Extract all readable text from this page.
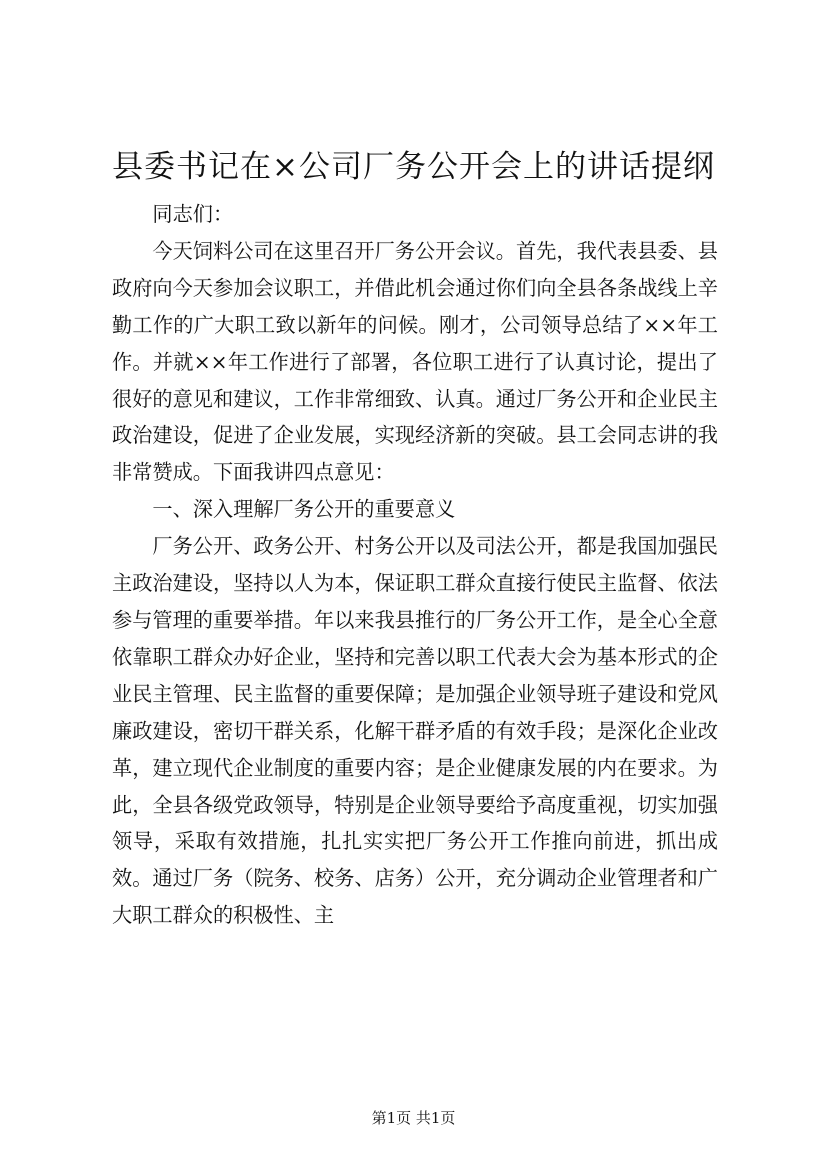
县委书记在×公司厂务公开会上的讲话提纲

同志们：

今天饲料公司在这里召开厂务公开会议。首先，我代表县委、县政府向今天参加会议职工，并借此机会通过你们向全县各条战线上辛勤工作的广大职工致以新年的问候。刚才，公司领导总结了××年工作。并就××年工作进行了部署，各位职工进行了认真讨论，提出了很好的意见和建议，工作非常细致、认真。通过厂务公开和企业民主政治建设，促进了企业发展，实现经济新的突破。县工会同志讲的我非常赞成。下面我讲四点意见：

一、深入理解厂务公开的重要意义

厂务公开、政务公开、村务公开以及司法公开，都是我国加强民主政治建设，坚持以人为本，保证职工群众直接行使民主监督、依法参与管理的重要举措。年以来我县推行的厂务公开工作，是全心全意依靠职工群众办好企业，坚持和完善以职工代表大会为基本形式的企业民主管理、民主监督的重要保障；是加强企业领导班子建设和党风廉政建设，密切干群关系，化解干群矛盾的有效手段；是深化企业改革，建立现代企业制度的重要内容；是企业健康发展的内在要求。为此，全县各级党政领导，特别是企业领导要给予高度重视，切实加强领导，采取有效措施，扎扎实实把厂务公开工作推向前进，抓出成效。通过厂务（院务、校务、店务）公开，充分调动企业管理者和广大职工群众的积极性、主

第1页 共1页
